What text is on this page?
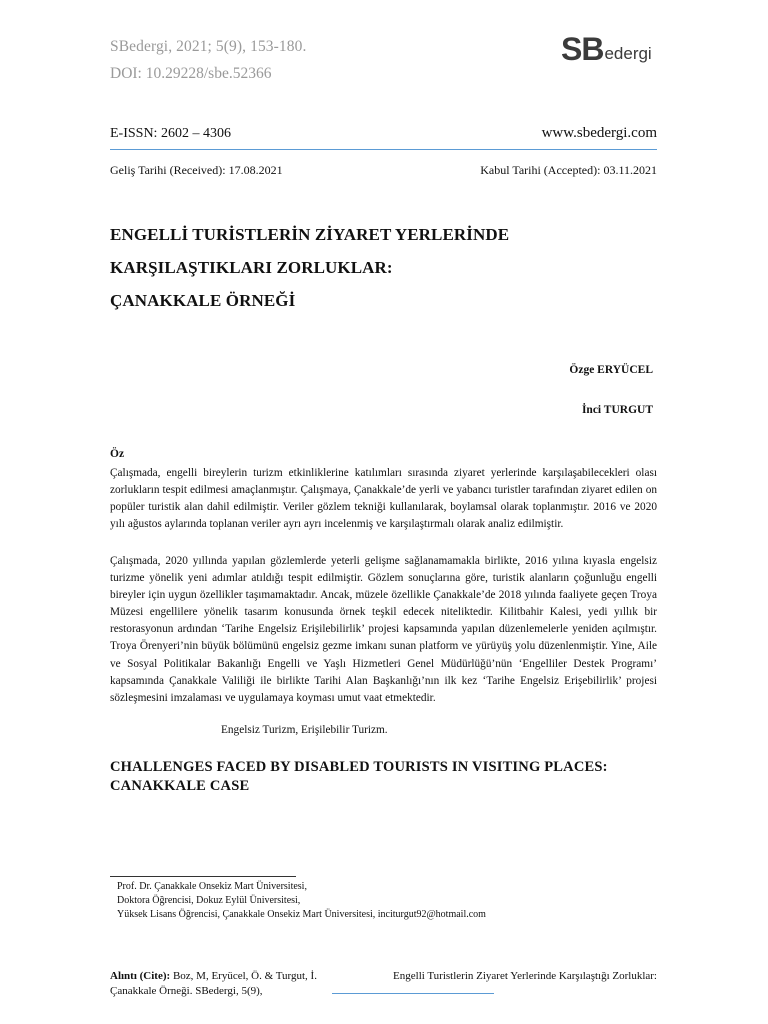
SBedergi, 2021; 5(9), 153-180.
DOI: 10.29228/sbe.52366
SB edergi
E-ISSN: 2602 – 4306	www.sbedergi.com
Geliş Tarihi (Received): 17.08.2021	Kabul Tarihi (Accepted): 03.11.2021
ENGELLİ TURİSTLERİN ZİYARET YERLERİNDE
KARŞILAŞTIKLARI ZORLUKLAR:
ÇANAKKALE ÖRNEĞİ
Özge ERYÜCEL
İnci TURGUT
Öz
Çalışmada, engelli bireylerin turizm etkinliklerine katılımları sırasında ziyaret yerlerinde karşılaşabilecekleri olası zorlukların tespit edilmesi amaçlanmıştır. Çalışmaya, Çanakkale’de yerli ve yabancı turistler tarafından ziyaret edilen on popüler turistik alan dahil edilmiştir. Veriler gözlem tekniği kullanılarak, boylamsal olarak toplanmıştır. 2016 ve 2020 yılı ağustos aylarında toplanan veriler ayrı ayrı incelenmiş ve karşılaştırmalı olarak analiz edilmiştir.
Çalışmada, 2020 yıllında yapılan gözlemlerde yeterli gelişme sağlanamamakla birlikte, 2016 yılına kıyasla engelsiz turizme yönelik yeni adımlar atıldığı tespit edilmiştir. Gözlem sonuçlarına göre, turistik alanların çoğunluğu engelli bireyler için uygun özellikler taşımamaktadır. Ancak, müzele özellikle Çanakkale’de 2018 yılında faaliyete geçen Troya Müzesi engellilere yönelik tasarım konusunda örnek teşkil edecek niteliktedir. Kilitbahir Kalesi, yedi yıllık bir restorasyonun ardından ‘Tarihe Engelsiz Erişilebilirlik’ projesi kapsamında yapılan düzenlemelerle yeniden açılmıştır. Troya Örenyeri’nin büyük bölümünü engelsiz gezme imkanı sunan platform ve yürüyüş yolu düzenlenmiştir. Yine, Aile ve Sosyal Politikalar Bakanlığı Engelli ve Yaşlı Hizmetleri Genel Müdürlüğü’nün ‘Engelliler Destek Programı’ kapsamında Çanakkale Valiliği ile birlikte Tarihi Alan Başkanlığı’nın ilk kez ‘Tarihe Engelsiz Erişebilirlik’ projesi sözleşmesini imzalaması ve uygulamaya koyması umut vaat etmektedir.
Engelsiz Turizm, Erişilebilir Turizm.
CHALLENGES FACED BY DISABLED TOURISTS IN VISITING PLACES:
CANAKKALE CASE
Prof. Dr. Çanakkale Onsekiz Mart Üniversitesi,
Doktora Öğrencisi, Dokuz Eylül Üniversitesi,
Yüksek Lisans Öğrencisi, Çanakkale Onsekiz Mart Üniversitesi, inciturgut92@hotmail.com
Alıntı (Cite): Boz, M, Eryücel, Ö. & Turgut, İ.	Engelli Turistlerin Ziyaret Yerlerinde Karşılaştığı Zorluklar:
Çanakkale Örneği. SBedergi, 5(9),
